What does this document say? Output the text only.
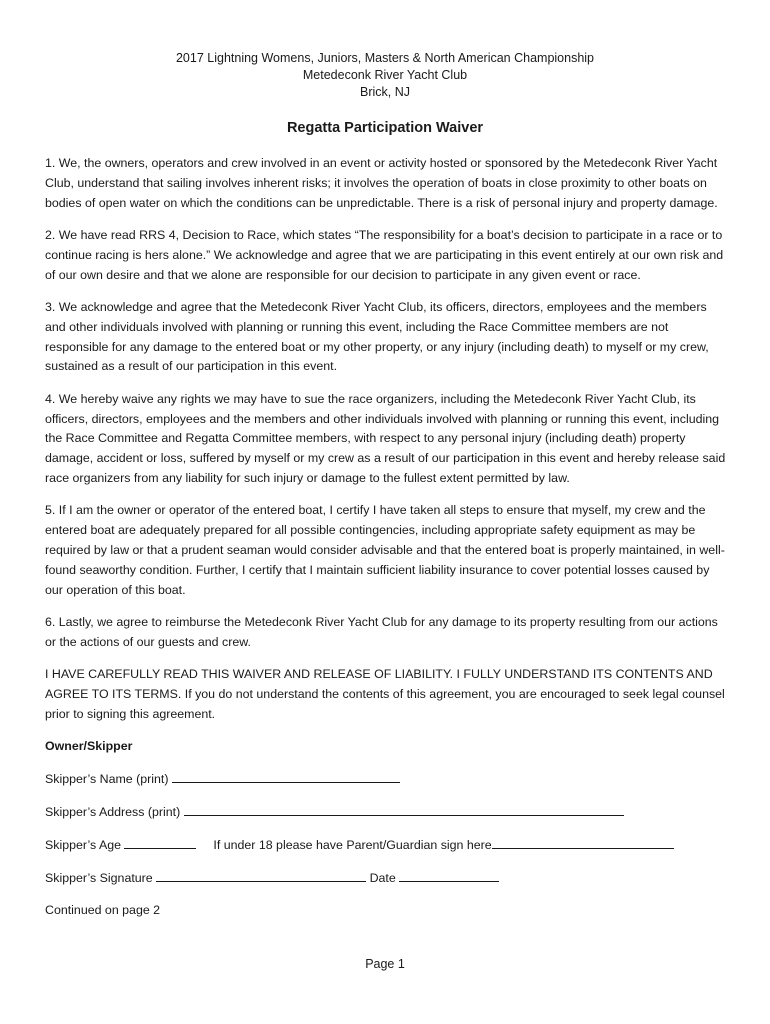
2017 Lightning Womens, Juniors, Masters & North American Championship
Metedeconk River Yacht Club
Brick, NJ
Regatta Participation Waiver

1. We, the owners, operators and crew involved in an event or activity hosted or sponsored by the Metedeconk River Yacht Club, understand that sailing involves inherent risks; it involves the operation of boats in close proximity to other boats on bodies of open water on which the conditions can be unpredictable. There is a risk of personal injury and property damage.

2. We have read RRS 4, Decision to Race, which states “The responsibility for a boat’s decision to participate in a race or to continue racing is hers alone.” We acknowledge and agree that we are participating in this event entirely at our own risk and of our own desire and that we alone are responsible for our decision to participate in any given event or race.

3. We acknowledge and agree that the Metedeconk River Yacht Club, its officers, directors, employees and the members and other individuals involved with planning or running this event, including the Race Committee members are not responsible for any damage to the entered boat or my other property, or any injury (including death) to myself or my crew, sustained as a result of our participation in this event.

4. We hereby waive any rights we may have to sue the race organizers, including the Metedeconk River Yacht Club, its officers, directors, employees and the members and other individuals involved with planning or running this event, including the Race Committee and Regatta Committee members, with respect to any personal injury (including death) property damage, accident or loss, suffered by myself or my crew as a result of our participation in this event and hereby release said race organizers from any liability for such injury or damage to the fullest extent permitted by law.

5. If I am the owner or operator of the entered boat, I certify I have taken all steps to ensure that myself, my crew and the entered boat are adequately prepared for all possible contingencies, including appropriate safety equipment as may be required by law or that a prudent seaman would consider advisable and that the entered boat is properly maintained, in well-found seaworthy condition. Further, I certify that I maintain sufficient liability insurance to cover potential losses caused by our operation of this boat.

6. Lastly, we agree to reimburse the Metedeconk River Yacht Club for any damage to its property resulting from our actions or the actions of our guests and crew.

I HAVE CAREFULLY READ THIS WAIVER AND RELEASE OF LIABILITY. I FULLY UNDERSTAND ITS CONTENTS AND AGREE TO ITS TERMS. If you do not understand the contents of this agreement, you are encouraged to seek legal counsel prior to signing this agreement.

Owner/Skipper

Skipper’s Name (print)
Skipper’s Address (print)
Skipper’s Age	If under 18 please have Parent/Guardian sign here
Skipper’s Signature	Date
Continued on page 2
Page 1
